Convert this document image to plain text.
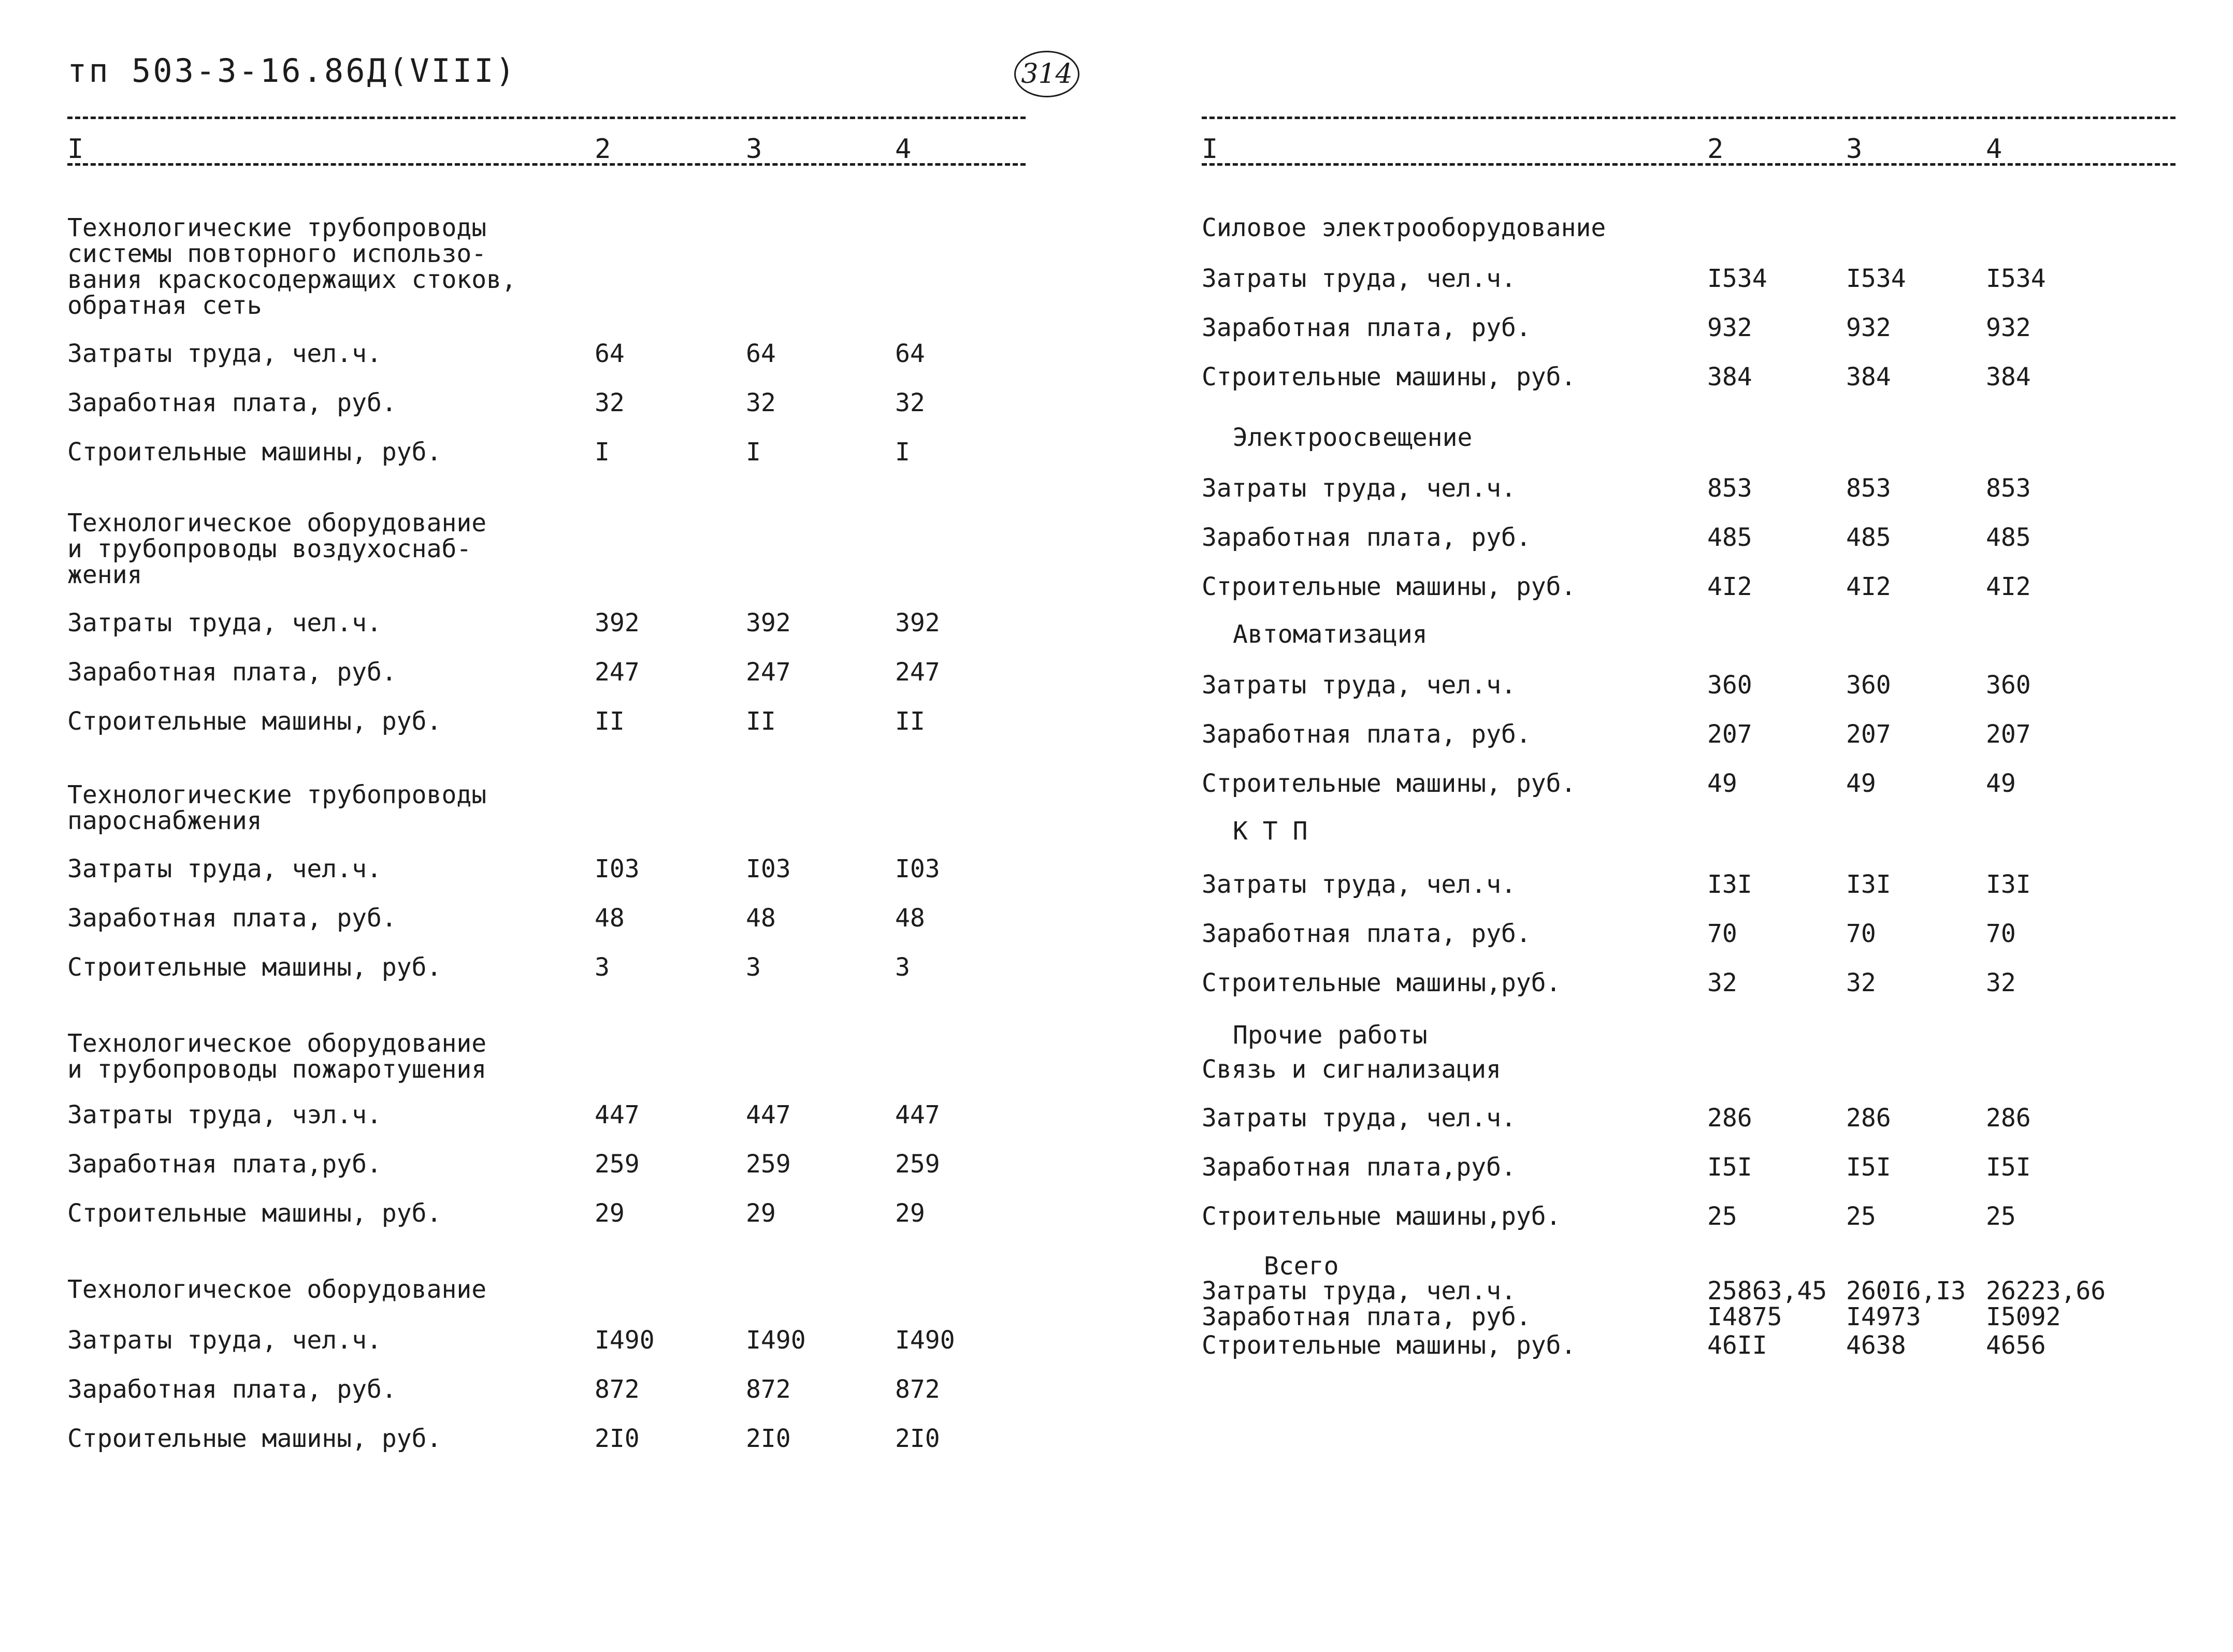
тп 503-3-16.86Д(VIII)	314
I	2	3	4	I	2	3	4
Технологические трубопроводы
системы повторного использо-
вания краскосодержащих стоков,
обратная сеть
Затраты труда, чел.ч.	64	64	64
Заработная плата, руб.	32	32	32
Строительные машины, руб.	I	I	I
Технологическое оборудование
и трубопроводы воздухоснаб-
жения
Затраты труда, чел.ч.	392	392	392
Заработная плата, руб.	247	247	247
Строительные машины, руб.	II	II	II
Технологические трубопроводы
пароснабжения
Затраты труда, чел.ч.	I03	I03	I03
Заработная плата, руб.	48	48	48
Строительные машины, руб.	3	3	3
Технологическое оборудование
и трубопроводы пожаротушения
Затраты труда, чэл.ч.	447	447	447
Заработная плата,руб.	259	259	259
Строительные машины, руб.	29	29	29
Технологическое оборудование
Затраты труда, чел.ч.	I490	I490	I490
Заработная плата, руб.	872	872	872
Строительные машины, руб.	2I0	2I0	2I0
Силовое электрооборудование
Затраты труда, чел.ч.	I534	I534	I534
Заработная плата, руб.	932	932	932
Строительные машины, руб.	384	384	384
Электроосвещение
Затраты труда, чел.ч.	853	853	853
Заработная плата, руб.	485	485	485
Строительные машины, руб.	4I2	4I2	4I2
Автоматизация
Затраты труда, чел.ч.	360	360	360
Заработная плата, руб.	207	207	207
Строительные машины, руб.	49	49	49
К Т П
Затраты труда, чел.ч.	I3I	I3I	I3I
Заработная плата, руб.	70	70	70
Строительные машины,руб.	32	32	32
Прочие работы
Связь и сигнализация
Затраты труда, чел.ч.	286	286	286
Заработная плата,руб.	I5I	I5I	I5I
Строительные машины,руб.	25	25	25
Всего
Затраты труда, чел.ч.	25863,45 260I6,I3 26223,66
Заработная плата, руб.	I4875	I4973	I5092
Строительные машины, руб.	46II	4638	4656
